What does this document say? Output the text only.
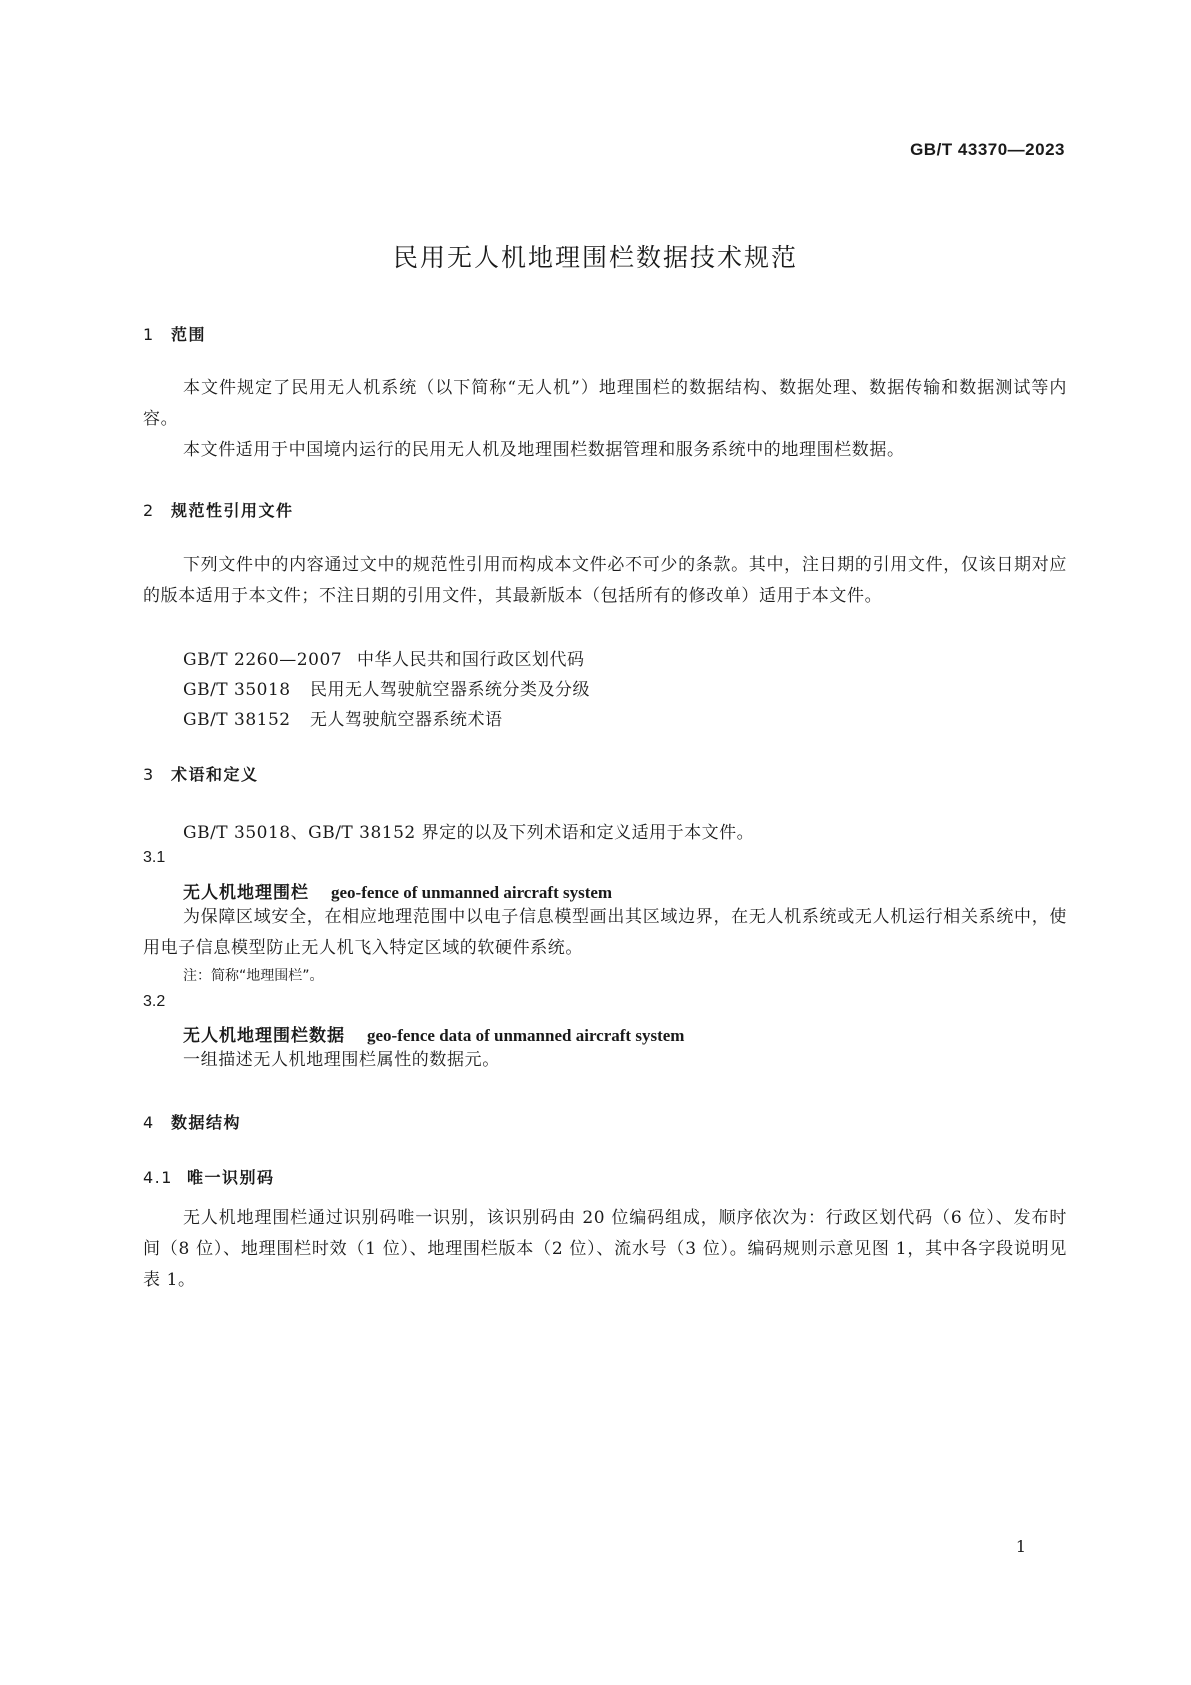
GB/T 43370—2023
民用无人机地理围栏数据技术规范
1 范围
本文件规定了民用无人机系统（以下简称“无人机”）地理围栏的数据结构、数据处理、数据传输和数据测试等内容。
本文件适用于中国境内运行的民用无人机及地理围栏数据管理和服务系统中的地理围栏数据。
2 规范性引用文件
下列文件中的内容通过文中的规范性引用而构成本文件必不可少的条款。其中，注日期的引用文件，仅该日期对应的版本适用于本文件；不注日期的引用文件，其最新版本（包括所有的修改单）适用于本文件。
GB/T 2260—2007 中华人民共和国行政区划代码
GB/T 35018 民用无人驾驶航空器系统分类及分级
GB/T 38152 无人驾驶航空器系统术语
3 术语和定义
GB/T 35018、GB/T 38152 界定的以及下列术语和定义适用于本文件。
3.1
无人机地理围栏 geo-fence of unmanned aircraft system
为保障区域安全，在相应地理范围中以电子信息模型画出其区域边界，在无人机系统或无人机运行相关系统中，使用电子信息模型防止无人机飞入特定区域的软硬件系统。
注：简称“地理围栏”。
3.2
无人机地理围栏数据 geo-fence data of unmanned aircraft system
一组描述无人机地理围栏属性的数据元。
4 数据结构
4.1 唯一识别码
无人机地理围栏通过识别码唯一识别，该识别码由 20 位编码组成，顺序依次为：行政区划代码（6 位）、发布时间（8 位）、地理围栏时效（1 位）、地理围栏版本（2 位）、流水号（3 位）。编码规则示意见图 1，其中各字段说明见表 1。
1
